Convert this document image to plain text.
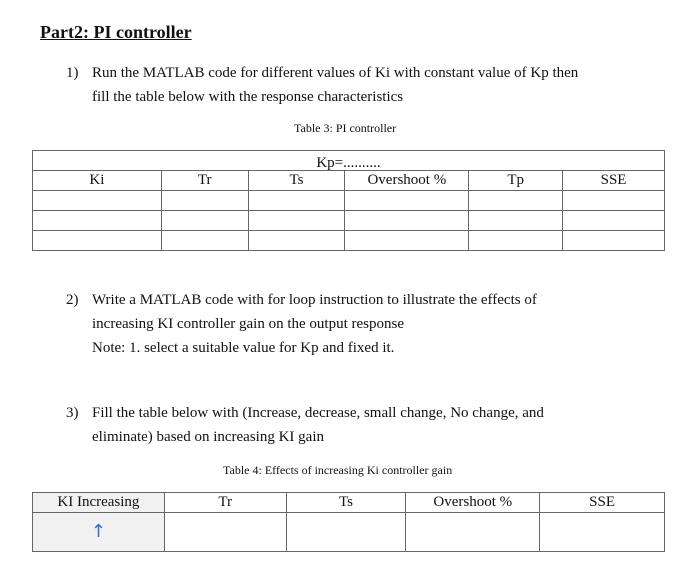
Part2: PI controller
1) Run the MATLAB code for different values of Ki with constant value of Kp then
fill the table below with the response characteristics
Table 3: PI controller
Kp=..........					
Ki	Tr	Ts	Overshoot %	Tp	SSE

2) Write a MATLAB code with for loop instruction to illustrate the effects of
increasing KI controller gain on the output response
Note: 1. select a suitable value for Kp and fixed it.
3) Fill the table below with (Increase, decrease, small change, No change, and
eliminate) based on increasing KI gain
Table 4: Effects of increasing Ki controller gain
KI Increasing	Tr	Ts	Overshoot %	SSE
↑				
